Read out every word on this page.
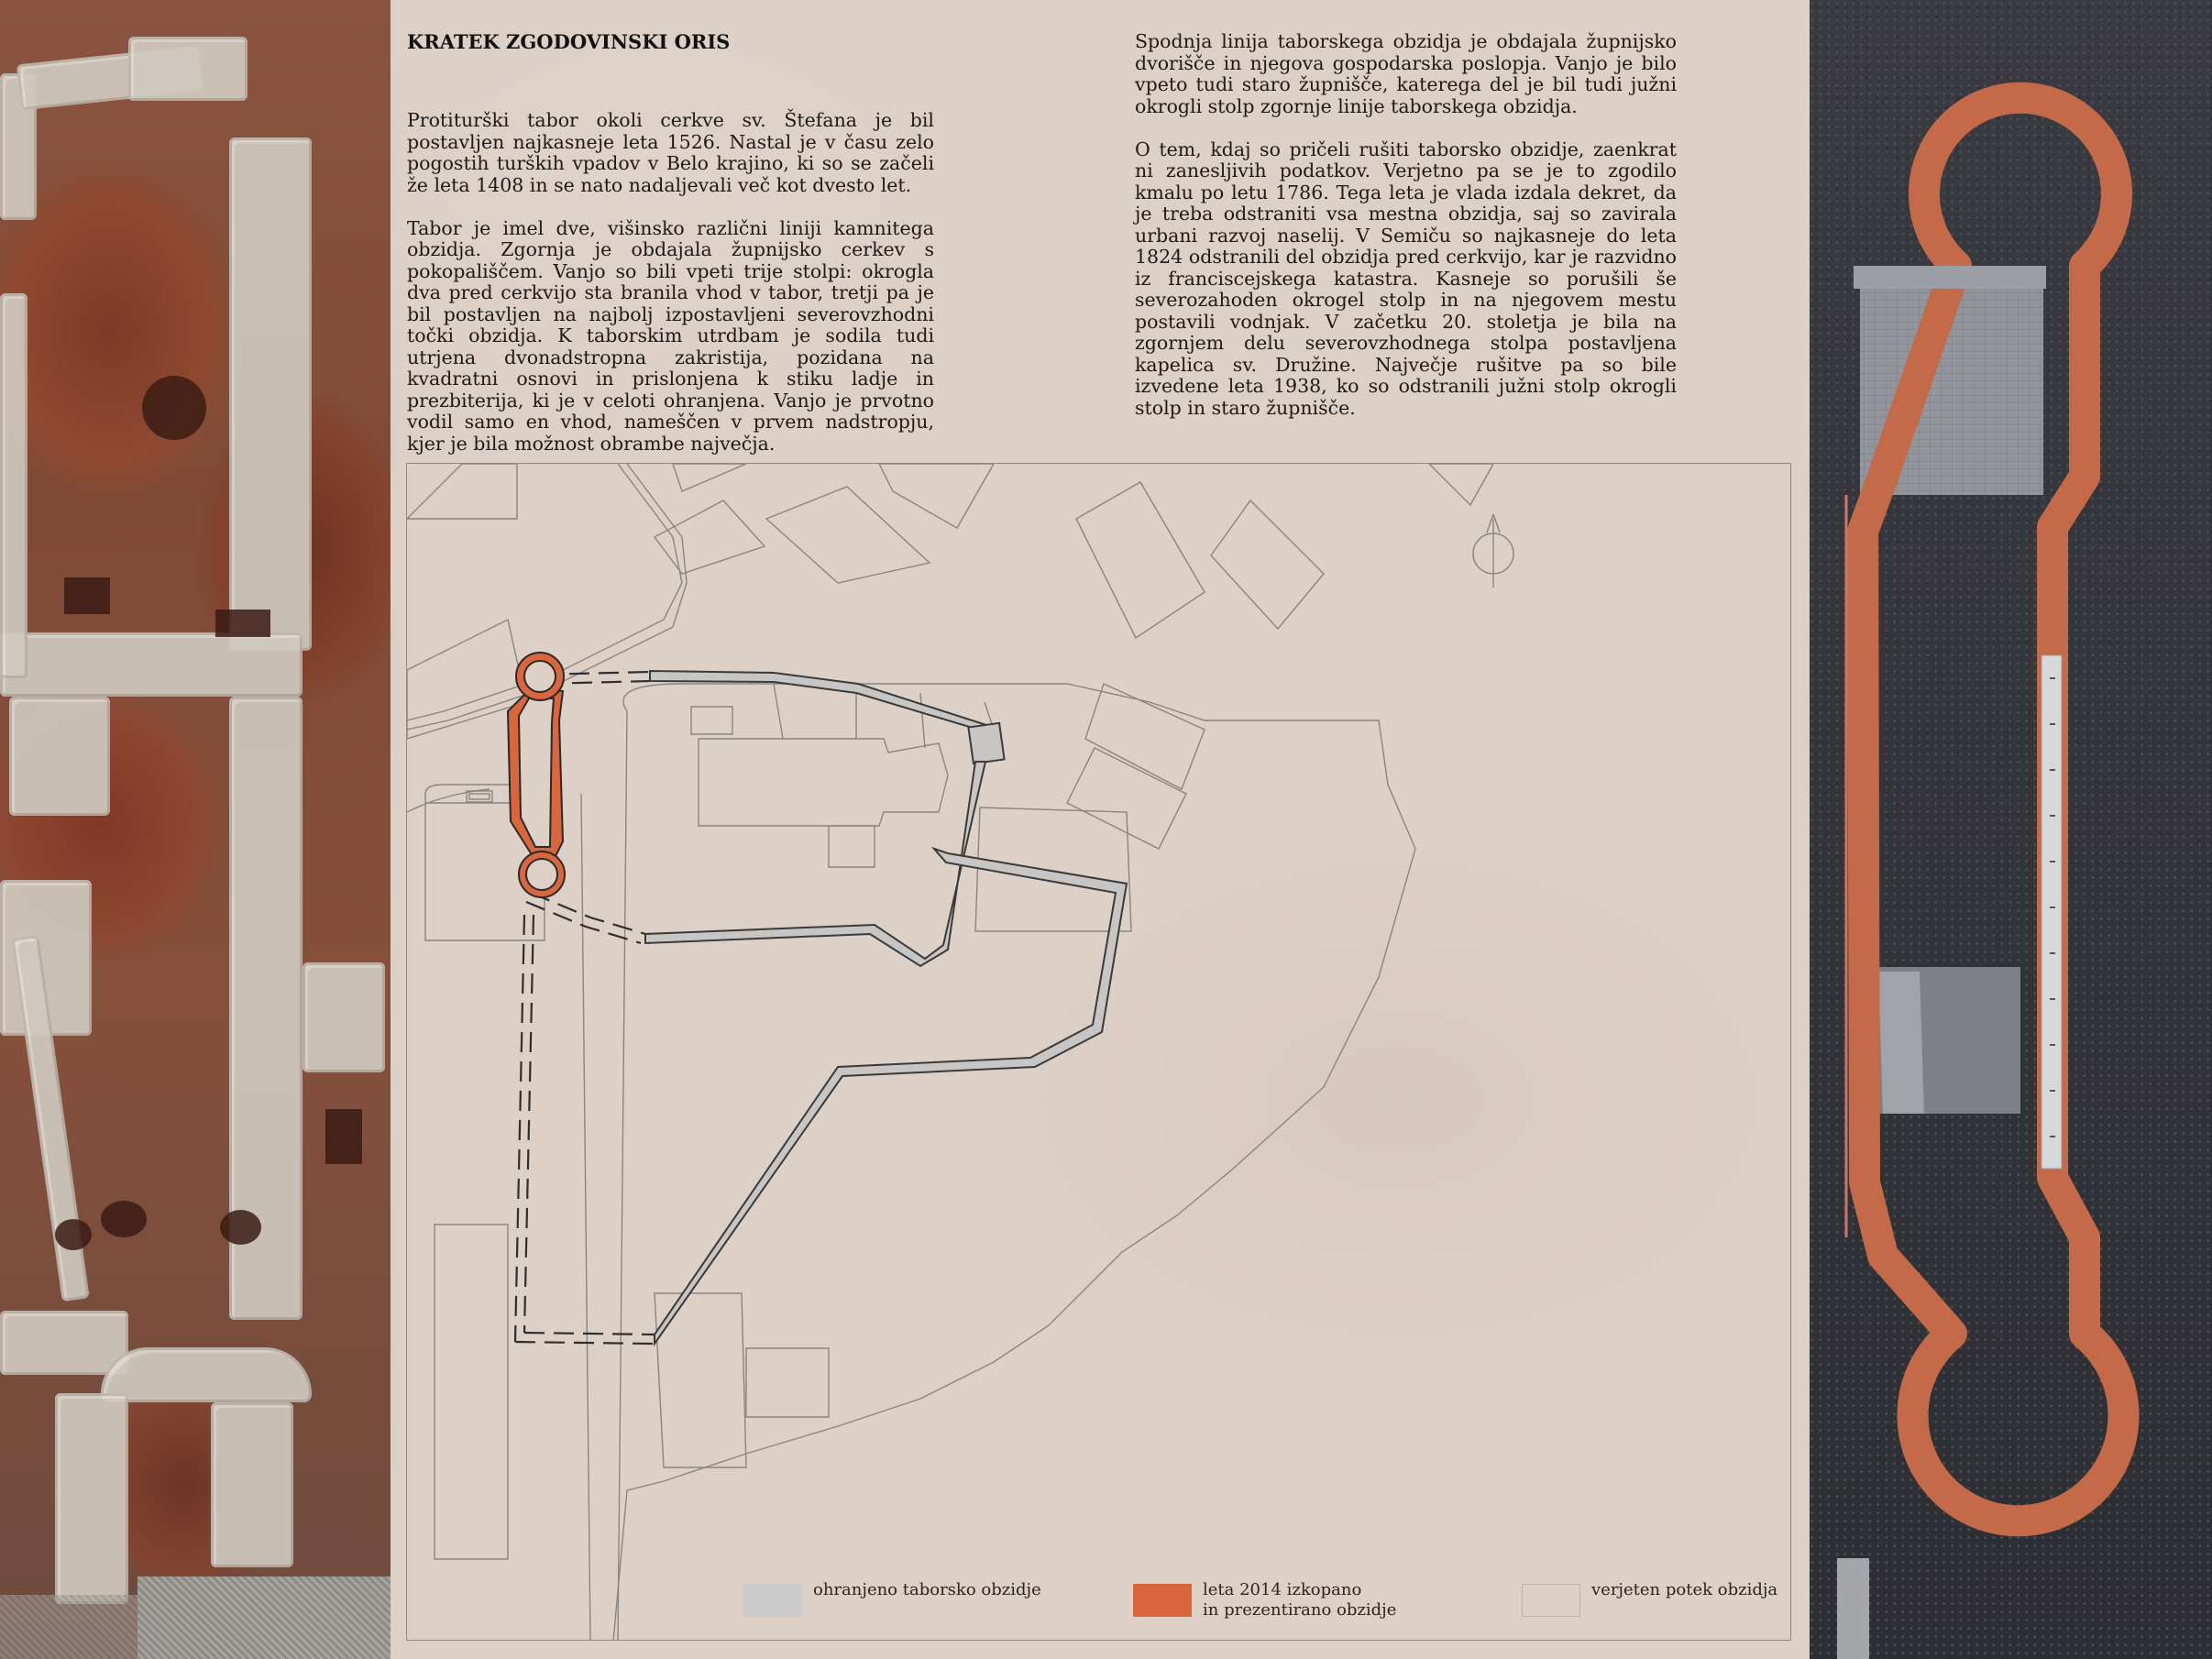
KRATEK ZGODOVINSKI ORIS

Protiturški tabor okoli cerkve sv. Štefana je bil postavljen najkasneje leta 1526. Nastal je v času zelo pogostih turških vpadov v Belo krajino, ki so se začeli že leta 1408 in se nato nadaljevali več kot dvesto let.

Tabor je imel dve, višinsko različni liniji kamnitega obzidja. Zgornja je obdajala župnijsko cerkev s pokopališčem. Vanjo so bili vpeti trije stolpi: okrogla dva pred cerkvijo sta branila vhod v tabor, tretji pa je bil postavljen na najbolj izpostavljeni severovzhodni točki obzidja. K taborskim utrdbam je sodila tudi utrjena dvonadstropna zakristija, pozidana na kvadratni osnovi in prislonjena k stiku ladje in prezbiterija, ki je v celoti ohranjena. Vanjo je prvotno vodil samo en vhod, nameščen v prvem nadstropju, kjer je bila možnost obrambe največja.

Spodnja linija taborskega obzidja je obdajala župnijsko dvorišče in njegova gospodarska poslopja. Vanjo je bilo vpeto tudi staro župnišče, katerega del je bil tudi južni okrogli stolp zgornje linije taborskega obzidja.

O tem, kdaj so pričeli rušiti taborsko obzidje, zaenkrat ni zanesljivih podatkov. Verjetno pa se je to zgodilo kmalu po letu 1786. Tega leta je vlada izdala dekret, da je treba odstraniti vsa mestna obzidja, saj so zavirala urbani razvoj naselij. V Semiču so najkasneje do leta 1824 odstranili del obzidja pred cerkvijo, kar je razvidno iz franciscejskega katastra. Kasneje so porušili še severozahoden okrogel stolp in na njegovem mestu postavili vodnjak. V začetku 20. stoletja je bila na zgornjem delu severovzhodnega stolpa postavljena kapelica sv. Družine. Največje rušitve pa so bile izvedene leta 1938, ko so odstranili južni stolp okrogli stolp in staro župnišče.

ohranjeno taborsko obzidje	leta 2014 izkopano
in prezentirano obzidje
verjeten potek obzidja
